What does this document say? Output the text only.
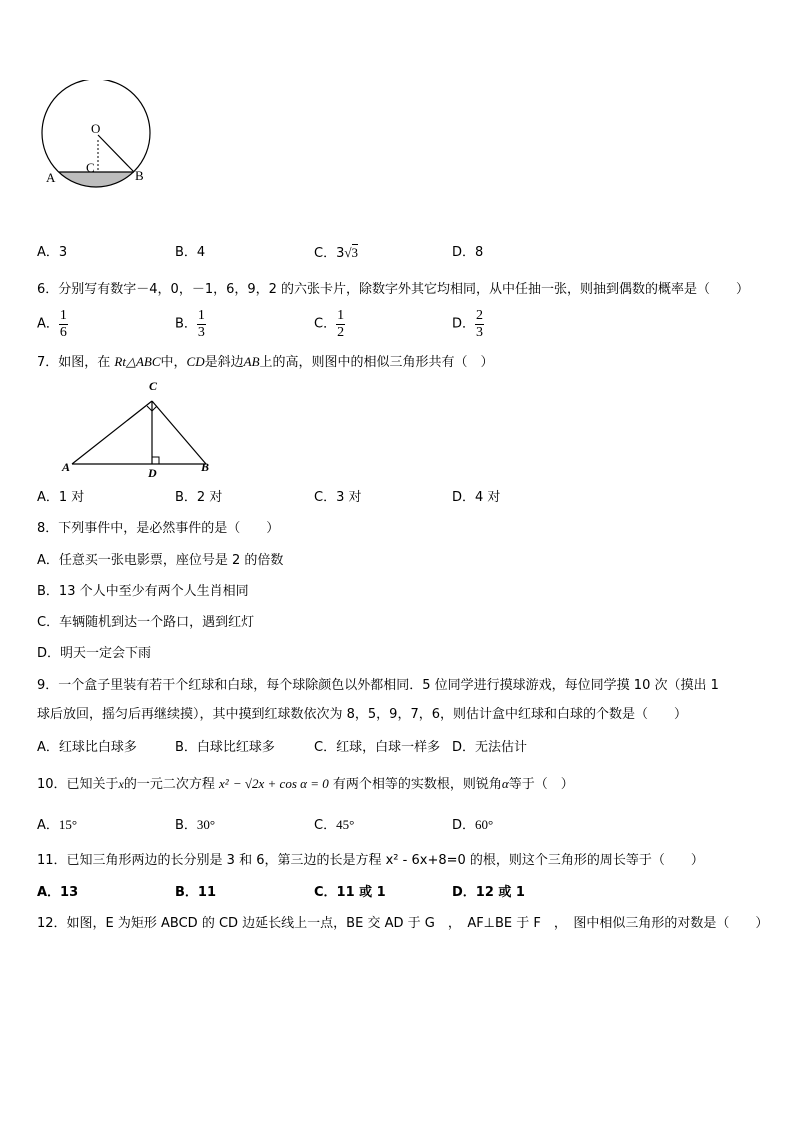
O
C
A	B
A．3	B．4	C．3√3	D．8
6．分别写有数字－4，0，－1，6，9，2 的六张卡片，除数字外其它均相同，从中任抽一张，则抽到偶数的概率是（　　）
A． $\frac{1}{6}$	B． $\frac{1}{3}$	C． $\frac{1}{2}$	D． $\frac{2}{3}$
7．如图，在 Rt△ABC中，CD是斜边AB上的高，则图中的相似三角形共有（　）
C
A	D	B
A．1 对	B．2 对	C．3 对	D．4 对
8．下列事件中，是必然事件的是（　　）
A．任意买一张电影票，座位号是 2 的倍数
B．13 个人中至少有两个人生肖相同
C．车辆随机到达一个路口，遇到红灯
D．明天一定会下雨
9．一个盒子里装有若干个红球和白球，每个球除颜色以外都相同．5 位同学进行摸球游戏，每位同学摸 10 次（摸出 1
球后放回，摇匀后再继续摸），其中摸到红球数依次为 8，5，9，7，6，则估计盒中红球和白球的个数是（　　）
A．红球比白球多	B．白球比红球多	C．红球，白球一样多 D．无法估计
10．已知关于x的一元二次方程 x² − √2x + cos α = 0 有两个相等的实数根，则锐角α等于（　）
A．15°	B．30°	C．45°	D．60°
11．已知三角形两边的长分别是 3 和 6，第三边的长是方程 x² - 6x+8=0 的根，则这个三角形的周长等于（　　）
A．13	B．11	C．11 或 1	D．12 或 1
12．如图，E 为矩形 ABCD 的 CD 边延长线上一点，BE 交 AD 于 G　，　AF⊥BE 于 F　，　图中相似三角形的对数是（　　）
